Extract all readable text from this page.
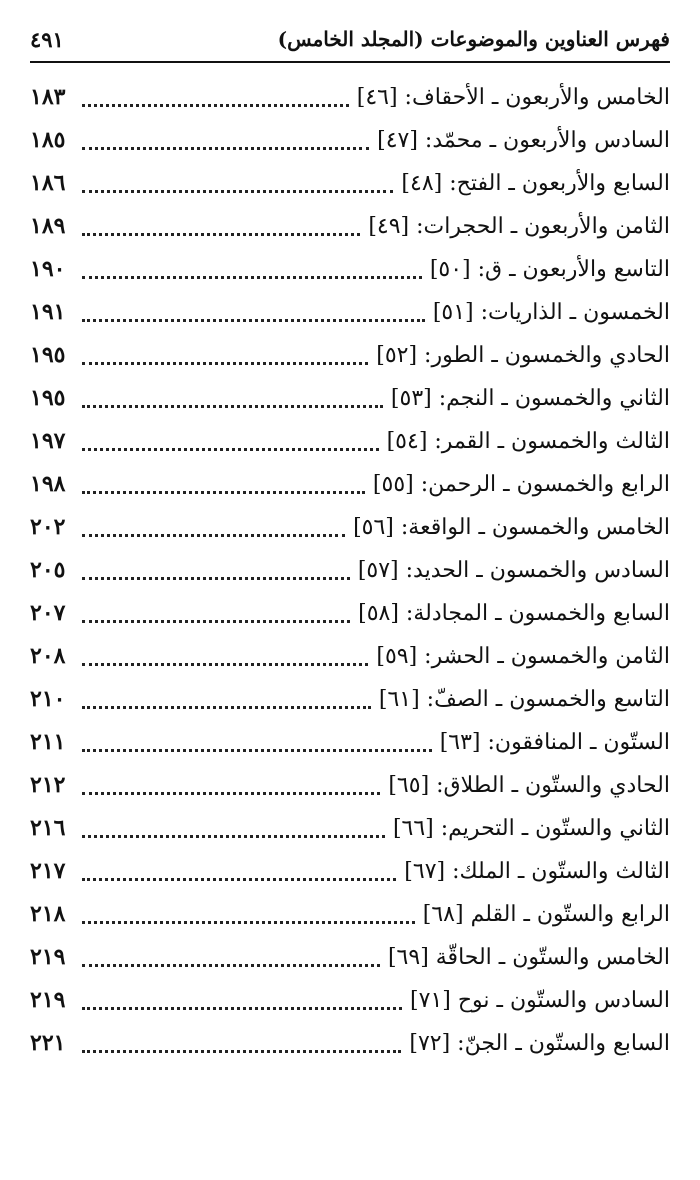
فهرس العناوين والموضوعات (المجلد الخامس)
٤٩١
الخامس والأربعون ـ الأحقاف: [٤٦]
١٨٣
السادس والأربعون ـ محمّد: [٤٧]
١٨٥
السابع والأربعون ـ الفتح: [٤٨]
١٨٦
الثامن والأربعون ـ الحجرات: [٤٩]
١٨٩
التاسع والأربعون ـ ق: [٥٠]
١٩٠
الخمسون ـ الذاريات: [٥١]
١٩١
الحادي والخمسون ـ الطور: [٥٢]
١٩٥
الثاني والخمسون ـ النجم: [٥٣]
١٩٥
الثالث والخمسون ـ القمر: [٥٤]
١٩٧
الرابع والخمسون ـ الرحمن: [٥٥]
١٩٨
الخامس والخمسون ـ الواقعة: [٥٦]
٢٠٢
السادس والخمسون ـ الحديد: [٥٧]
٢٠٥
السابع والخمسون ـ المجادلة: [٥٨]
٢٠٧
الثامن والخمسون ـ الحشر: [٥٩]
٢٠٨
التاسع والخمسون ـ الصفّ: [٦١]
٢١٠
الستّون ـ المنافقون: [٦٣]
٢١١
الحادي والستّون ـ الطلاق: [٦٥]
٢١٢
الثاني والستّون ـ التحريم: [٦٦]
٢١٦
الثالث والستّون ـ الملك: [٦٧]
٢١٧
الرابع والستّون ـ القلم [٦٨]
٢١٨
الخامس والستّون ـ الحاقّة [٦٩]
٢١٩
السادس والستّون ـ نوح [٧١]
٢١٩
السابع والستّون ـ الجنّ: [٧٢]
٢٢١
